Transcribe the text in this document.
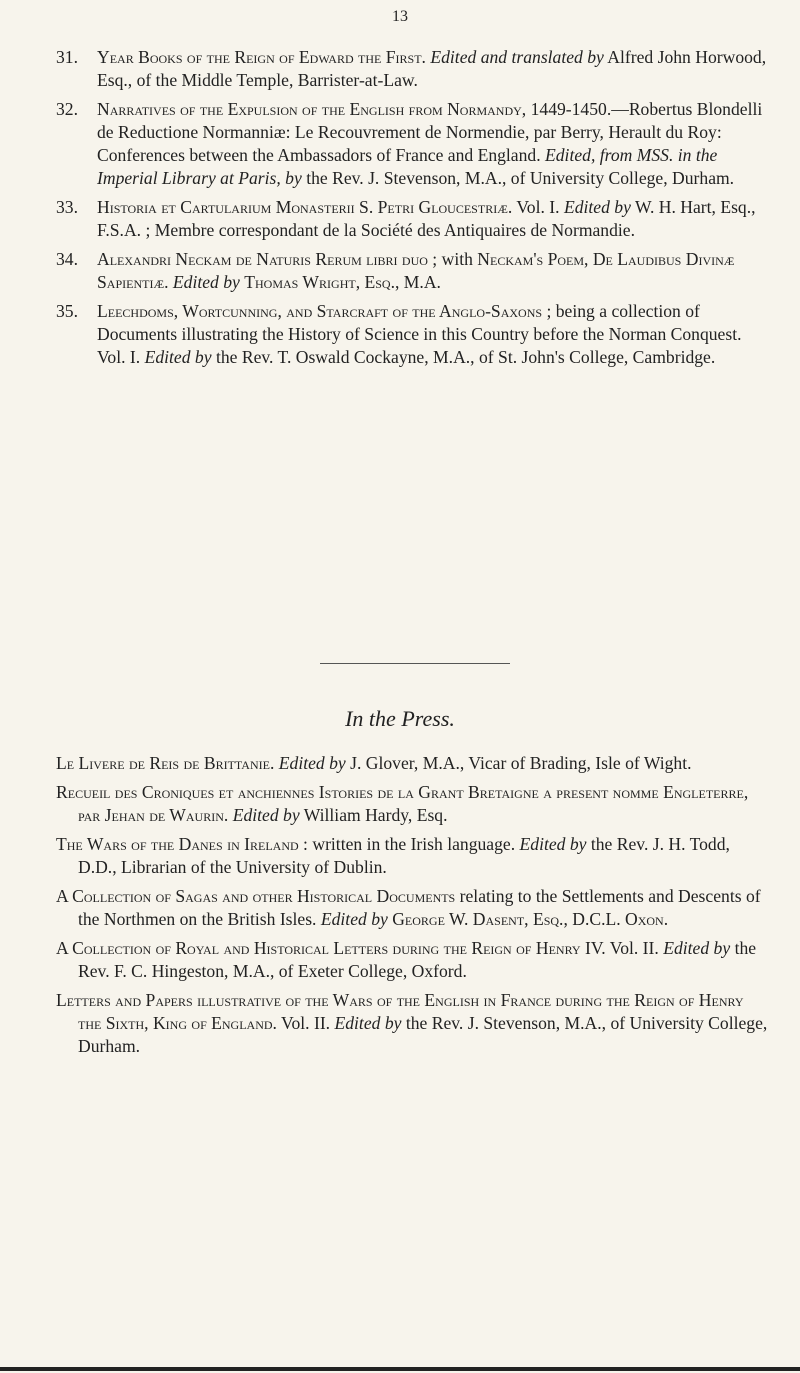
13
31. Year Books of the Reign of Edward the First. Edited and translated by Alfred John Horwood, Esq., of the Middle Temple, Barrister-at-Law.
32. Narratives of the Expulsion of the English from Normandy, 1449-1450.—Robertus Blondelli de Reductione Normanniæ: Le Recouvrement de Normendie, par Berry, Herault du Roy: Conferences between the Ambassadors of France and England. Edited, from MSS. in the Imperial Library at Paris, by the Rev. J. Stevenson, M.A., of University College, Durham.
33. Historia et Cartularium Monasterii S. Petri Gloucestriæ. Vol. I. Edited by W. H. Hart, Esq., F.S.A. ; Membre correspondant de la Société des Antiquaires de Normandie.
34. Alexandri Neckam de Naturis Rerum libri duo ; with Neckam's Poem, De Laudibus Divinæ Sapientiæ. Edited by Thomas Wright, Esq., M.A.
35. Leechdoms, Wortcunning, and Starcraft of the Anglo-Saxons ; being a collection of Documents illustrating the History of Science in this Country before the Norman Conquest. Vol. I. Edited by the Rev. T. Oswald Cockayne, M.A., of St. John's College, Cambridge.
In the Press.
Le Livere de Reis de Brittanie. Edited by J. Glover, M.A., Vicar of Brading, Isle of Wight.
Recueil des Croniques et anchiennes Istories de la Grant Bretaigne a present nomme Engleterre, par Jehan de Waurin. Edited by William Hardy, Esq.
The Wars of the Danes in Ireland : written in the Irish language. Edited by the Rev. J. H. Todd, D.D., Librarian of the University of Dublin.
A Collection of Sagas and other Historical Documents relating to the Settlements and Descents of the Northmen on the British Isles. Edited by George W. Dasent, Esq., D.C.L. Oxon.
A Collection of Royal and Historical Letters during the Reign of Henry IV. Vol. II. Edited by the Rev. F. C. Hingeston, M.A., of Exeter College, Oxford.
Letters and Papers illustrative of the Wars of the English in France during the Reign of Henry the Sixth, King of England. Vol. II. Edited by the Rev. J. Stevenson, M.A., of University College, Durham.
